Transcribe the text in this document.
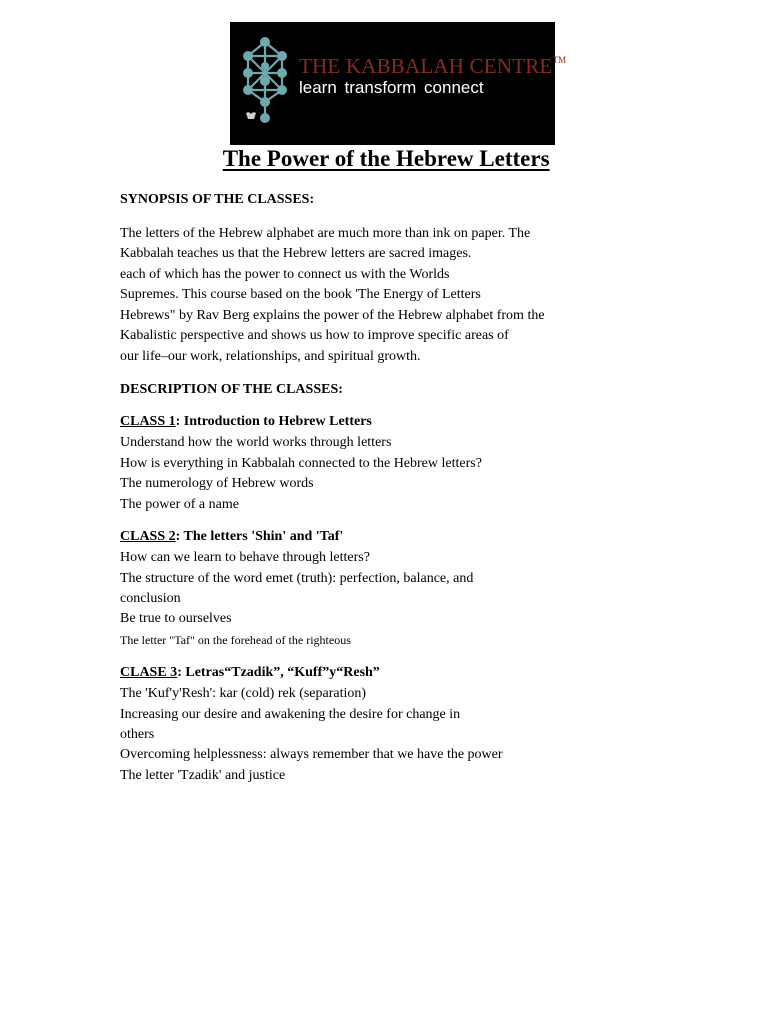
THE KABBALAH CENTRE™
learn transform connect
The Power of the Hebrew Letters
SYNOPSIS OF THE CLASSES:
The letters of the Hebrew alphabet are much more than ink on paper. The
Kabbalah teaches us that the Hebrew letters are sacred images.
each of which has the power to connect us with the Worlds
Supremes. This course based on the book 'The Energy of Letters
Hebrews" by Rav Berg explains the power of the Hebrew alphabet from the
Kabalistic perspective and shows us how to improve specific areas of
our life–our work, relationships, and spiritual growth.
DESCRIPTION OF THE CLASSES:
CLASS 1: Introduction to Hebrew Letters
Understand how the world works through letters
How is everything in Kabbalah connected to the Hebrew letters?
The numerology of Hebrew words
The power of a name
CLASS 2: The letters 'Shin' and 'Taf'
How can we learn to behave through letters?
The structure of the word emet (truth): perfection, balance, and
conclusion
Be true to ourselves
The letter "Taf" on the forehead of the righteous
CLASE 3: Letras“Tzadik”, “Kuff”y“Resh”
The 'Kuf'y'Resh': kar (cold) rek (separation)
Increasing our desire and awakening the desire for change in
others
Overcoming helplessness: always remember that we have the power
The letter 'Tzadik' and justice
